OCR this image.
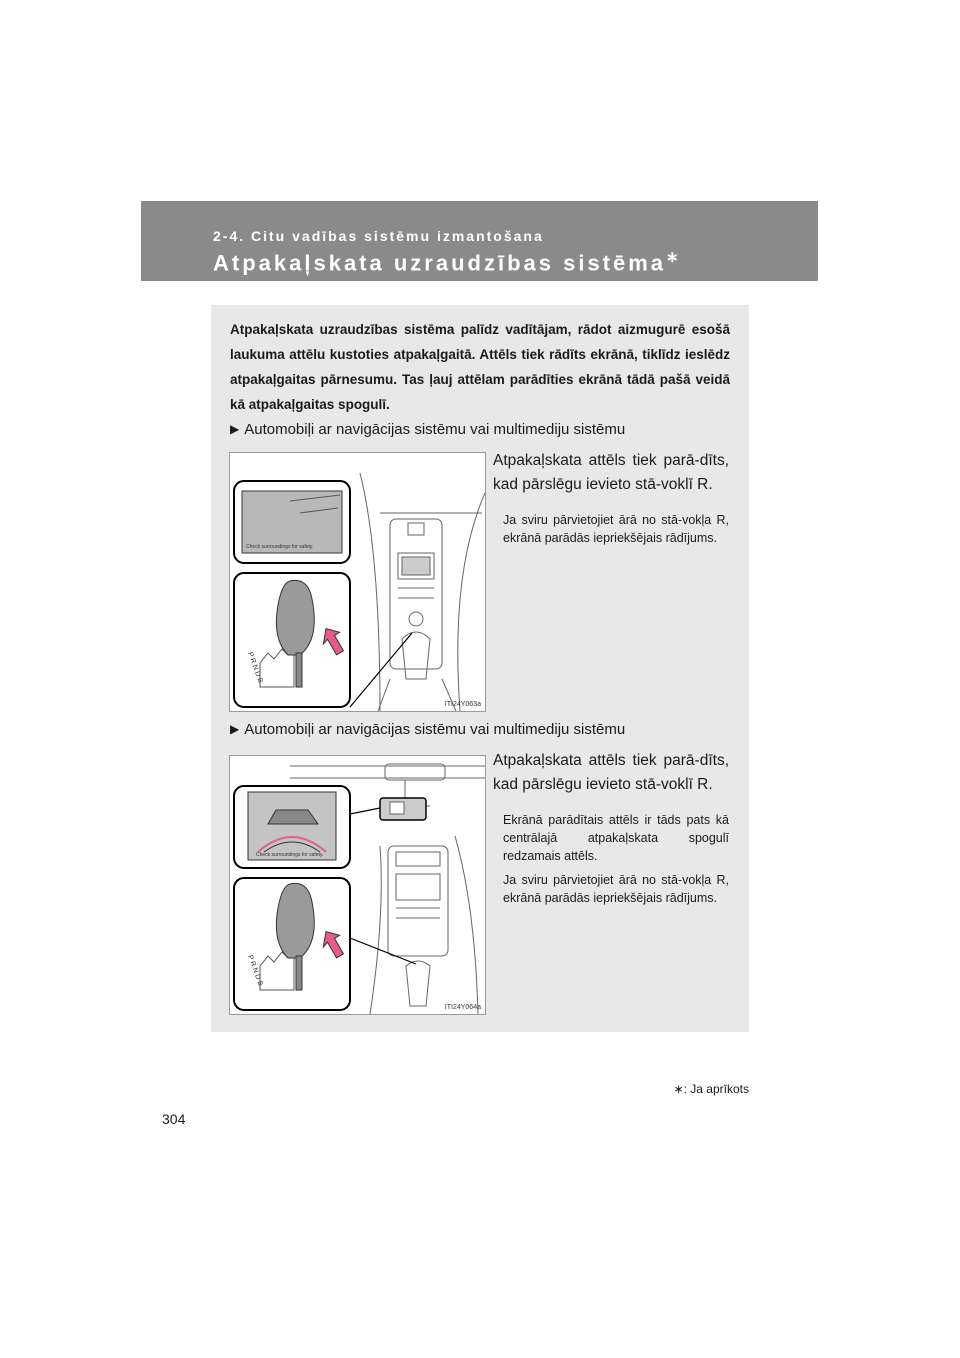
2-4. Citu vadības sistēmu izmantošana
Atpakaļskata uzraudzības sistēma∗
Atpakaļskata uzraudzības sistēma palīdz vadītājam, rādot aizmugurē esošā laukuma attēlu kustoties atpakaļgaitā. Attēls tiek rādīts ekrānā, tiklīdz ieslēdz atpakaļgaitas pārnesumu. Tas ļauj attēlam parādīties ekrānā tādā pašā veidā kā atpakaļgaitas spogulī.
▶ Automobiļi ar navigācijas sistēmu vai multimediju sistēmu
Check surroundings for safety.
P R N D B
ITI24Y063a

Atpakaļskata attēls tiek parā-dīts, kad pārslēgu ievieto stā-voklī R.

Ja sviru pārvietojiet ārā no stā-vokļa R, ekrānā parādās iepriekšējais rādījums.

▶ Automobiļi ar navigācijas sistēmu vai multimediju sistēmu
Check surroundings for safety.
P R N D B
ITI24Y064a

Atpakaļskata attēls tiek parā-dīts, kad pārslēgu ievieto stā-voklī R.

Ekrānā parādītais attēls ir tāds pats kā centrālajā atpakaļskata spogulī redzamais attēls.

Ja sviru pārvietojiet ārā no stā-vokļa R, ekrānā parādās iepriekšējais rādījums.

∗: Ja aprīkots
304
